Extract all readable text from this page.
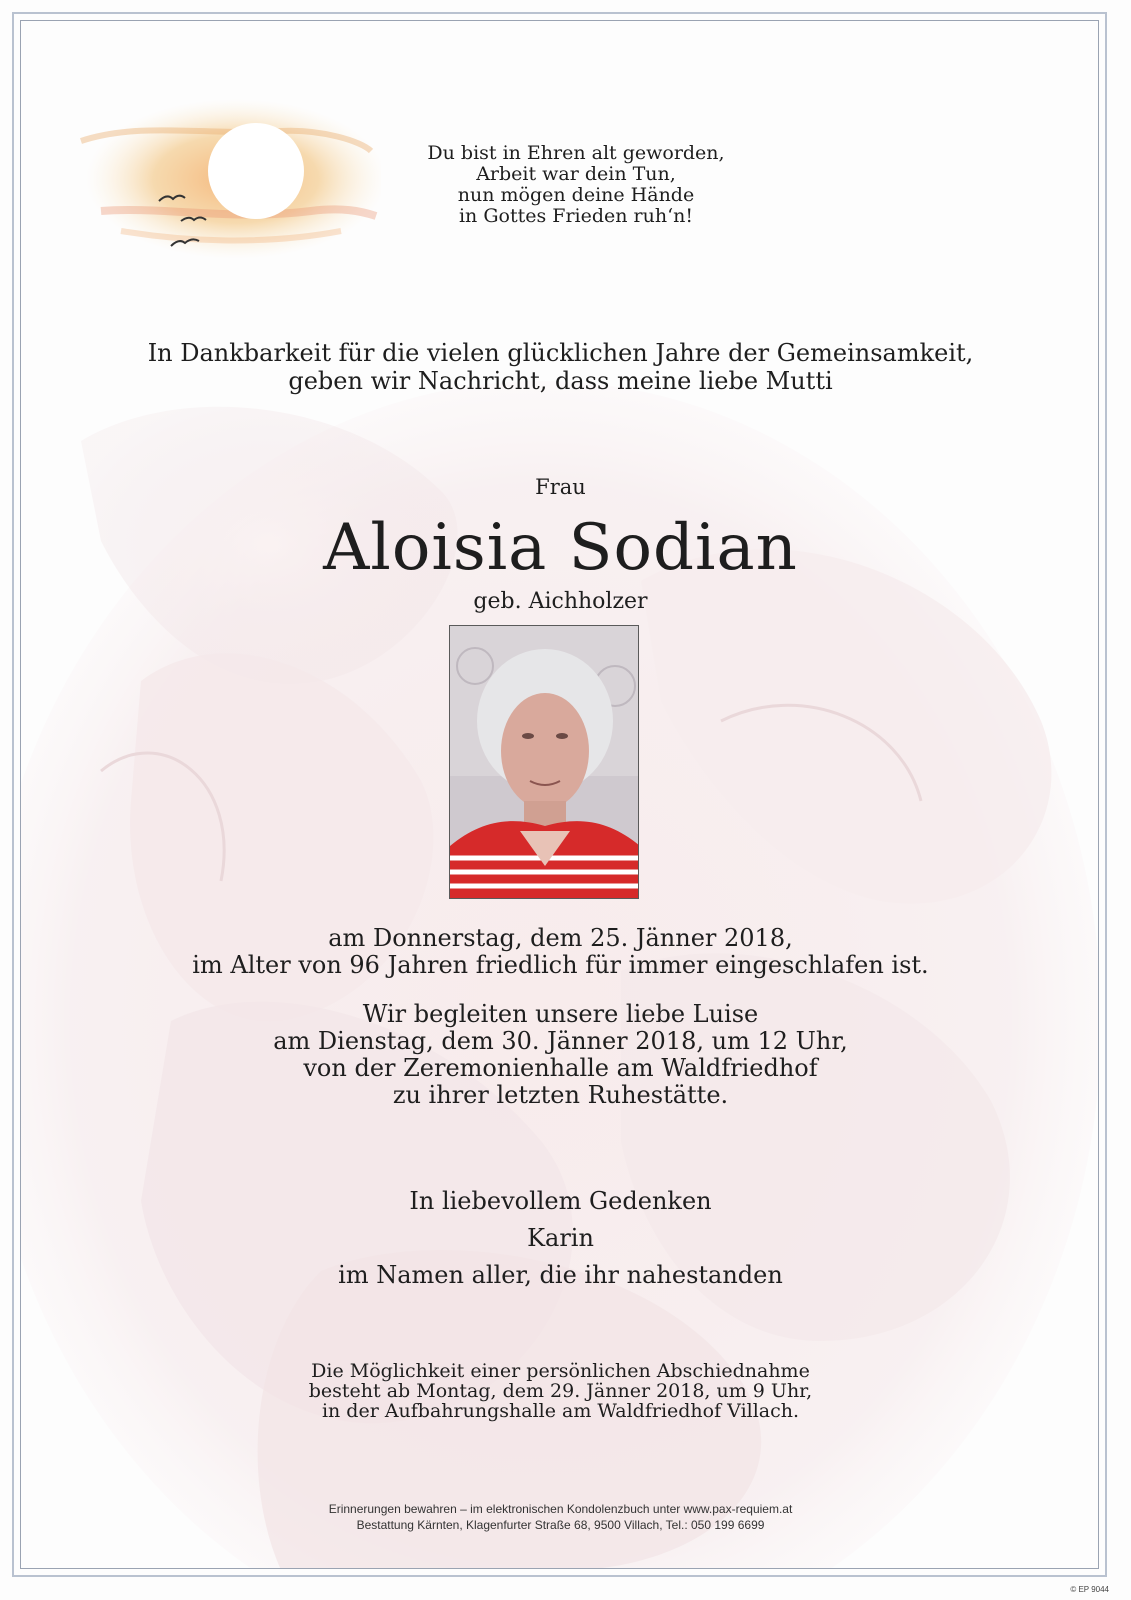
Du bist in Ehren alt geworden,
Arbeit war dein Tun,
nun mögen deine Hände
in Gottes Frieden ruh‘n!
In Dankbarkeit für die vielen glücklichen Jahre der Gemeinsamkeit,
geben wir Nachricht, dass meine liebe Mutti
Frau
Aloisia Sodian
geb. Aichholzer
am Donnerstag, dem 25. Jänner 2018,
im Alter von 96 Jahren friedlich für immer eingeschlafen ist.
Wir begleiten unsere liebe Luise
am Dienstag, dem 30. Jänner 2018, um 12 Uhr,
von der Zeremonienhalle am Waldfriedhof
zu ihrer letzten Ruhestätte.
In liebevollem Gedenken
Karin
im Namen aller, die ihr nahestanden
Die Möglichkeit einer persönlichen Abschiednahme
besteht ab Montag, dem 29. Jänner 2018, um 9 Uhr,
in der Aufbahrungshalle am Waldfriedhof Villach.
Erinnerungen bewahren – im elektronischen Kondolenzbuch unter www.pax-requiem.at
Bestattung Kärnten, Klagenfurter Straße 68, 9500 Villach, Tel.: 050 199 6699
© EP 9044
